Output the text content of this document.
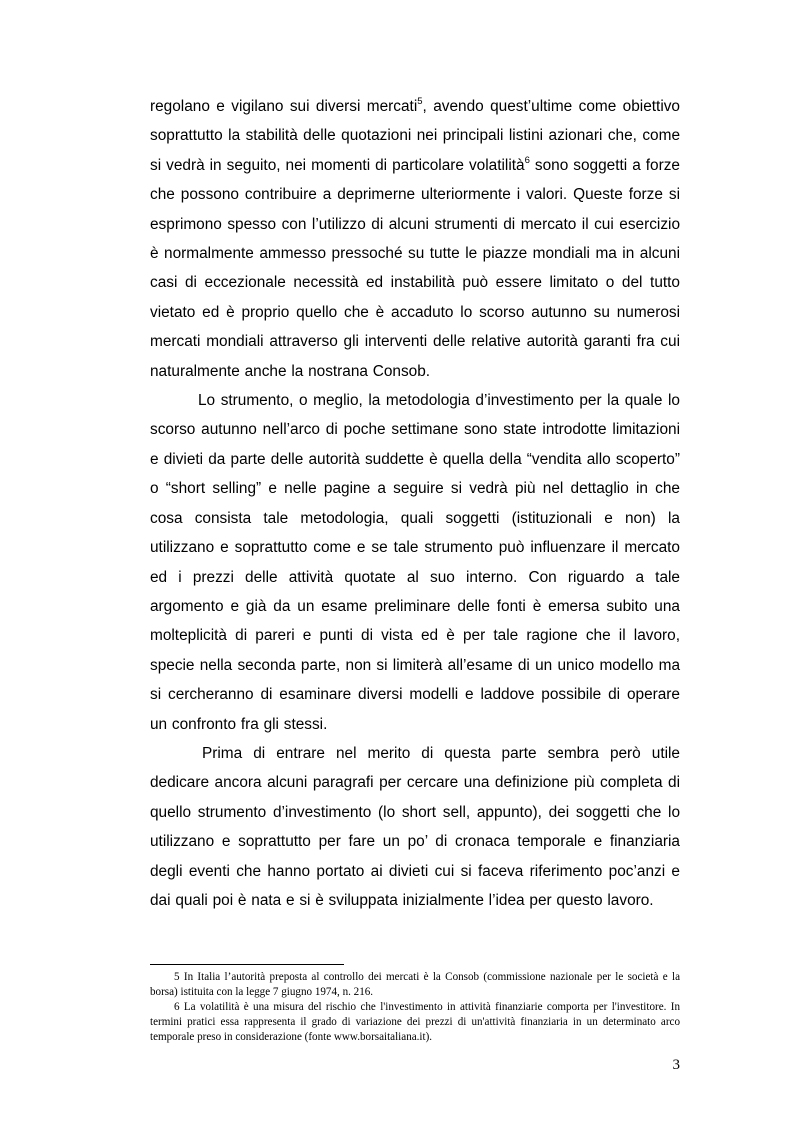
regolano e vigilano sui diversi mercati$^5$, avendo quest’ultime come obiettivo soprattutto la stabilità delle quotazioni nei principali listini azionari che, come si vedrà in seguito, nei momenti di particolare volatilità$^6$ sono soggetti a forze che possono contribuire a deprimerne ulteriormente i valori. Queste forze si esprimono spesso con l’utilizzo di alcuni strumenti di mercato il cui esercizio è normalmente ammesso pressoché su tutte le piazze mondiali ma in alcuni casi di eccezionale necessità ed instabilità può essere limitato o del tutto vietato ed è proprio quello che è accaduto lo scorso autunno su numerosi mercati mondiali attraverso gli interventi delle relative autorità garanti fra cui naturalmente anche la nostrana Consob.

Lo strumento, o meglio, la metodologia d’investimento per la quale lo scorso autunno nell’arco di poche settimane sono state introdotte limitazioni e divieti da parte delle autorità suddette è quella della “vendita allo scoperto” o “short selling” e nelle pagine a seguire si vedrà più nel dettaglio in che cosa consista tale metodologia, quali soggetti (istituzionali e non) la utilizzano e soprattutto come e se tale strumento può influenzare il mercato ed i prezzi delle attività quotate al suo interno. Con riguardo a tale argomento e già da un esame preliminare delle fonti è emersa subito una molteplicità di pareri e punti di vista ed è per tale ragione che il lavoro, specie nella seconda parte, non si limiterà all’esame di un unico modello ma si cercheranno di esaminare diversi modelli e laddove possibile di operare un confronto fra gli stessi.

Prima di entrare nel merito di questa parte sembra però utile dedicare ancora alcuni paragrafi per cercare una definizione più completa di quello strumento d’investimento (lo short sell, appunto), dei soggetti che lo utilizzano e soprattutto per fare un po’ di cronaca temporale e finanziaria degli eventi che hanno portato ai divieti cui si faceva riferimento poc’anzi e dai quali poi è nata e si è sviluppata inizialmente l’idea per questo lavoro.

5 In Italia l’autorità preposta al controllo dei mercati è la Consob (commissione nazionale per le società e la borsa) istituita con la legge 7 giugno 1974, n. 216.

6 La volatilità è una misura del rischio che l'investimento in attività finanziarie comporta per l'investitore. In termini pratici essa rappresenta il grado di variazione dei prezzi di un'attività finanziaria in un determinato arco temporale preso in considerazione (fonte www.borsaitaliana.it).

3
